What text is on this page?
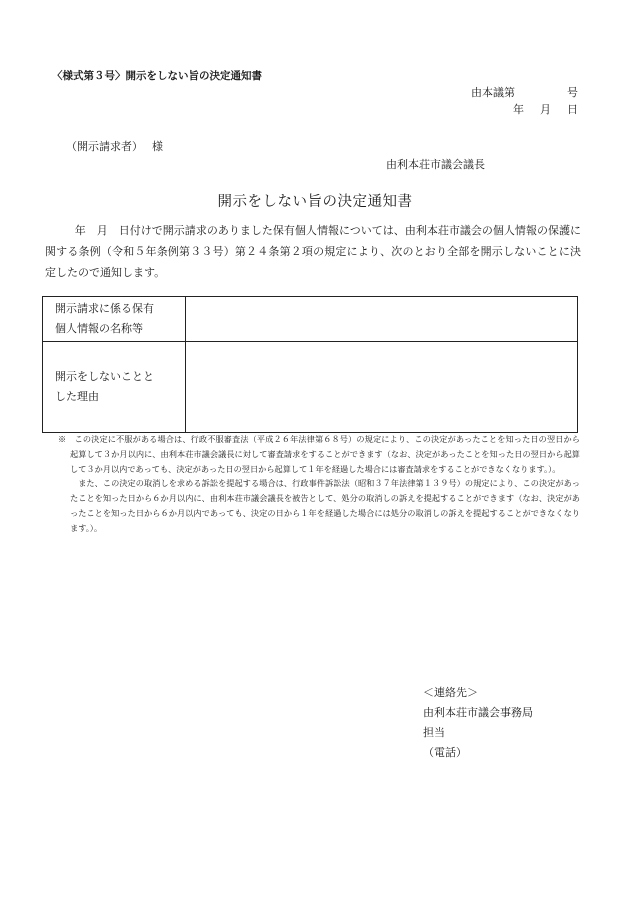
〈様式第３号〉開示をしない旨の決定通知書
由本議第	号
年 月 日
（開示請求者）　 様
由利本荘市議会議長
開示をしない旨の決定通知書

年　月　日付けで開示請求のありました保有個人情報については、由利本荘市議会の個人情報の保護に関する条例（令和５年条例第３３号）第２４条第２項の規定により、次のとおり全部を開示しないことに決定したので通知します。

開示請求に係る保有
個人情報の名称等	

開示をしないことと
した理由	

※　この決定に不服がある場合は、行政不服審査法（平成２６年法律第６８号）の規定により、この決定があったことを知った日の翌日から起算して３か月以内に、由利本荘市議会議長に対して審査請求をすることができます（なお、決定があったことを知った日の翌日から起算して３か月以内であっても、決定があった日の翌日から起算して１年を経過した場合には審査請求をすることができなくなります。）。

また、この決定の取消しを求める訴訟を提起する場合は、行政事件訴訟法（昭和３７年法律第１３９号）の規定により、この決定があったことを知った日から６か月以内に、由利本荘市議会議長を被告として、処分の取消しの訴えを提起することができます（なお、決定があったことを知った日から６か月以内であっても、決定の日から１年を経過した場合には処分の取消しの訴えを提起することができなくなります。）。

＜連絡先＞
由利本荘市議会事務局
担当
（電話）
